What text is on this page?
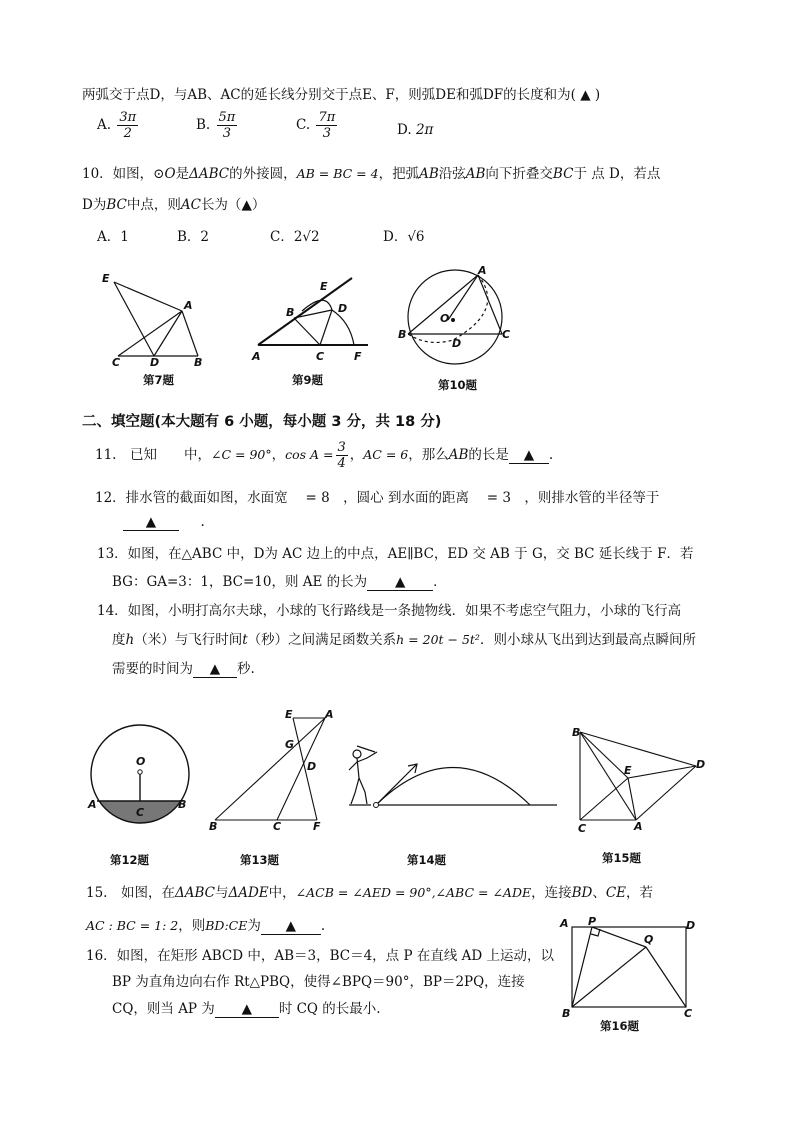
两弧交于点D，与AB、AC的延长线分别交于点E、F，则弧DE和弧DF的长度和为( ▲ )
A. $\frac{3\pi}{2}$	B. $\frac{5\pi}{3}$	C. $\frac{7\pi}{3}$	D. 2π
10．如图，⊙O是ΔABC的外接圆，AB = BC = 4，把弧AB沿弦AB向下折叠交BC于 点 D，若点
D为BC中点，则AC长为（▲）
A．1	B．2	C．2√2	D．√6
E
A
C	D	B
第7题
E
D
B
A	C	F
第9题
A
O
B
D
C
第10题
二、填空题(本大题有 6 小题，每小题 3 分，共 18 分)
11.　已知　　中，∠C = 90°，$\cos A = \frac{3}{4}$ ，AC = 6，那么AB的长是 ▲ .
12．排水管的截面如图，水面宽　 = 8　，圆心 到水面的距离　 = 3　，则排水管的半径等于
▲	.
13．如图，在△ABC 中，D为 AC 边上的中点，AE∥BC，ED 交 AB 于 G，交 BC 延长线于 F．若
BG：GA=3：1，BC=10，则 AE 的长为 ▲ ．
14．如图，小明打高尔夫球，小球的飞行路线是一条抛物线．如果不考虑空气阻力，小球的飞行高
度h（米）与飞行时间t（秒）之间满足函数关系h = 20t − 5t²．则小球从飞出到达到最高点瞬间所
需要的时间为 ▲ 秒.
O
A
C
B
第12题
E	A
G
D
B	C	F
第13题	第14题
B
D
E
C	A
第15题
15.　如图，在ΔABC与ΔADE中，∠ACB = ∠AED = 90°,∠ABC = ∠ADE，连接BD、CE，若
AC : BC = 1: 2，则BD:CE为 ▲ .
16．如图，在矩形 ABCD 中，AB＝3，BC＝4，点 P 在直线 AD 上运动，以
BP 为直角边向右作 Rt△PBQ，使得∠BPQ＝90°，BP＝2PQ，连接
CQ，则当 AP 为 ▲ 时 CQ 的长最小.
A P	D
Q
B	C
第16题
